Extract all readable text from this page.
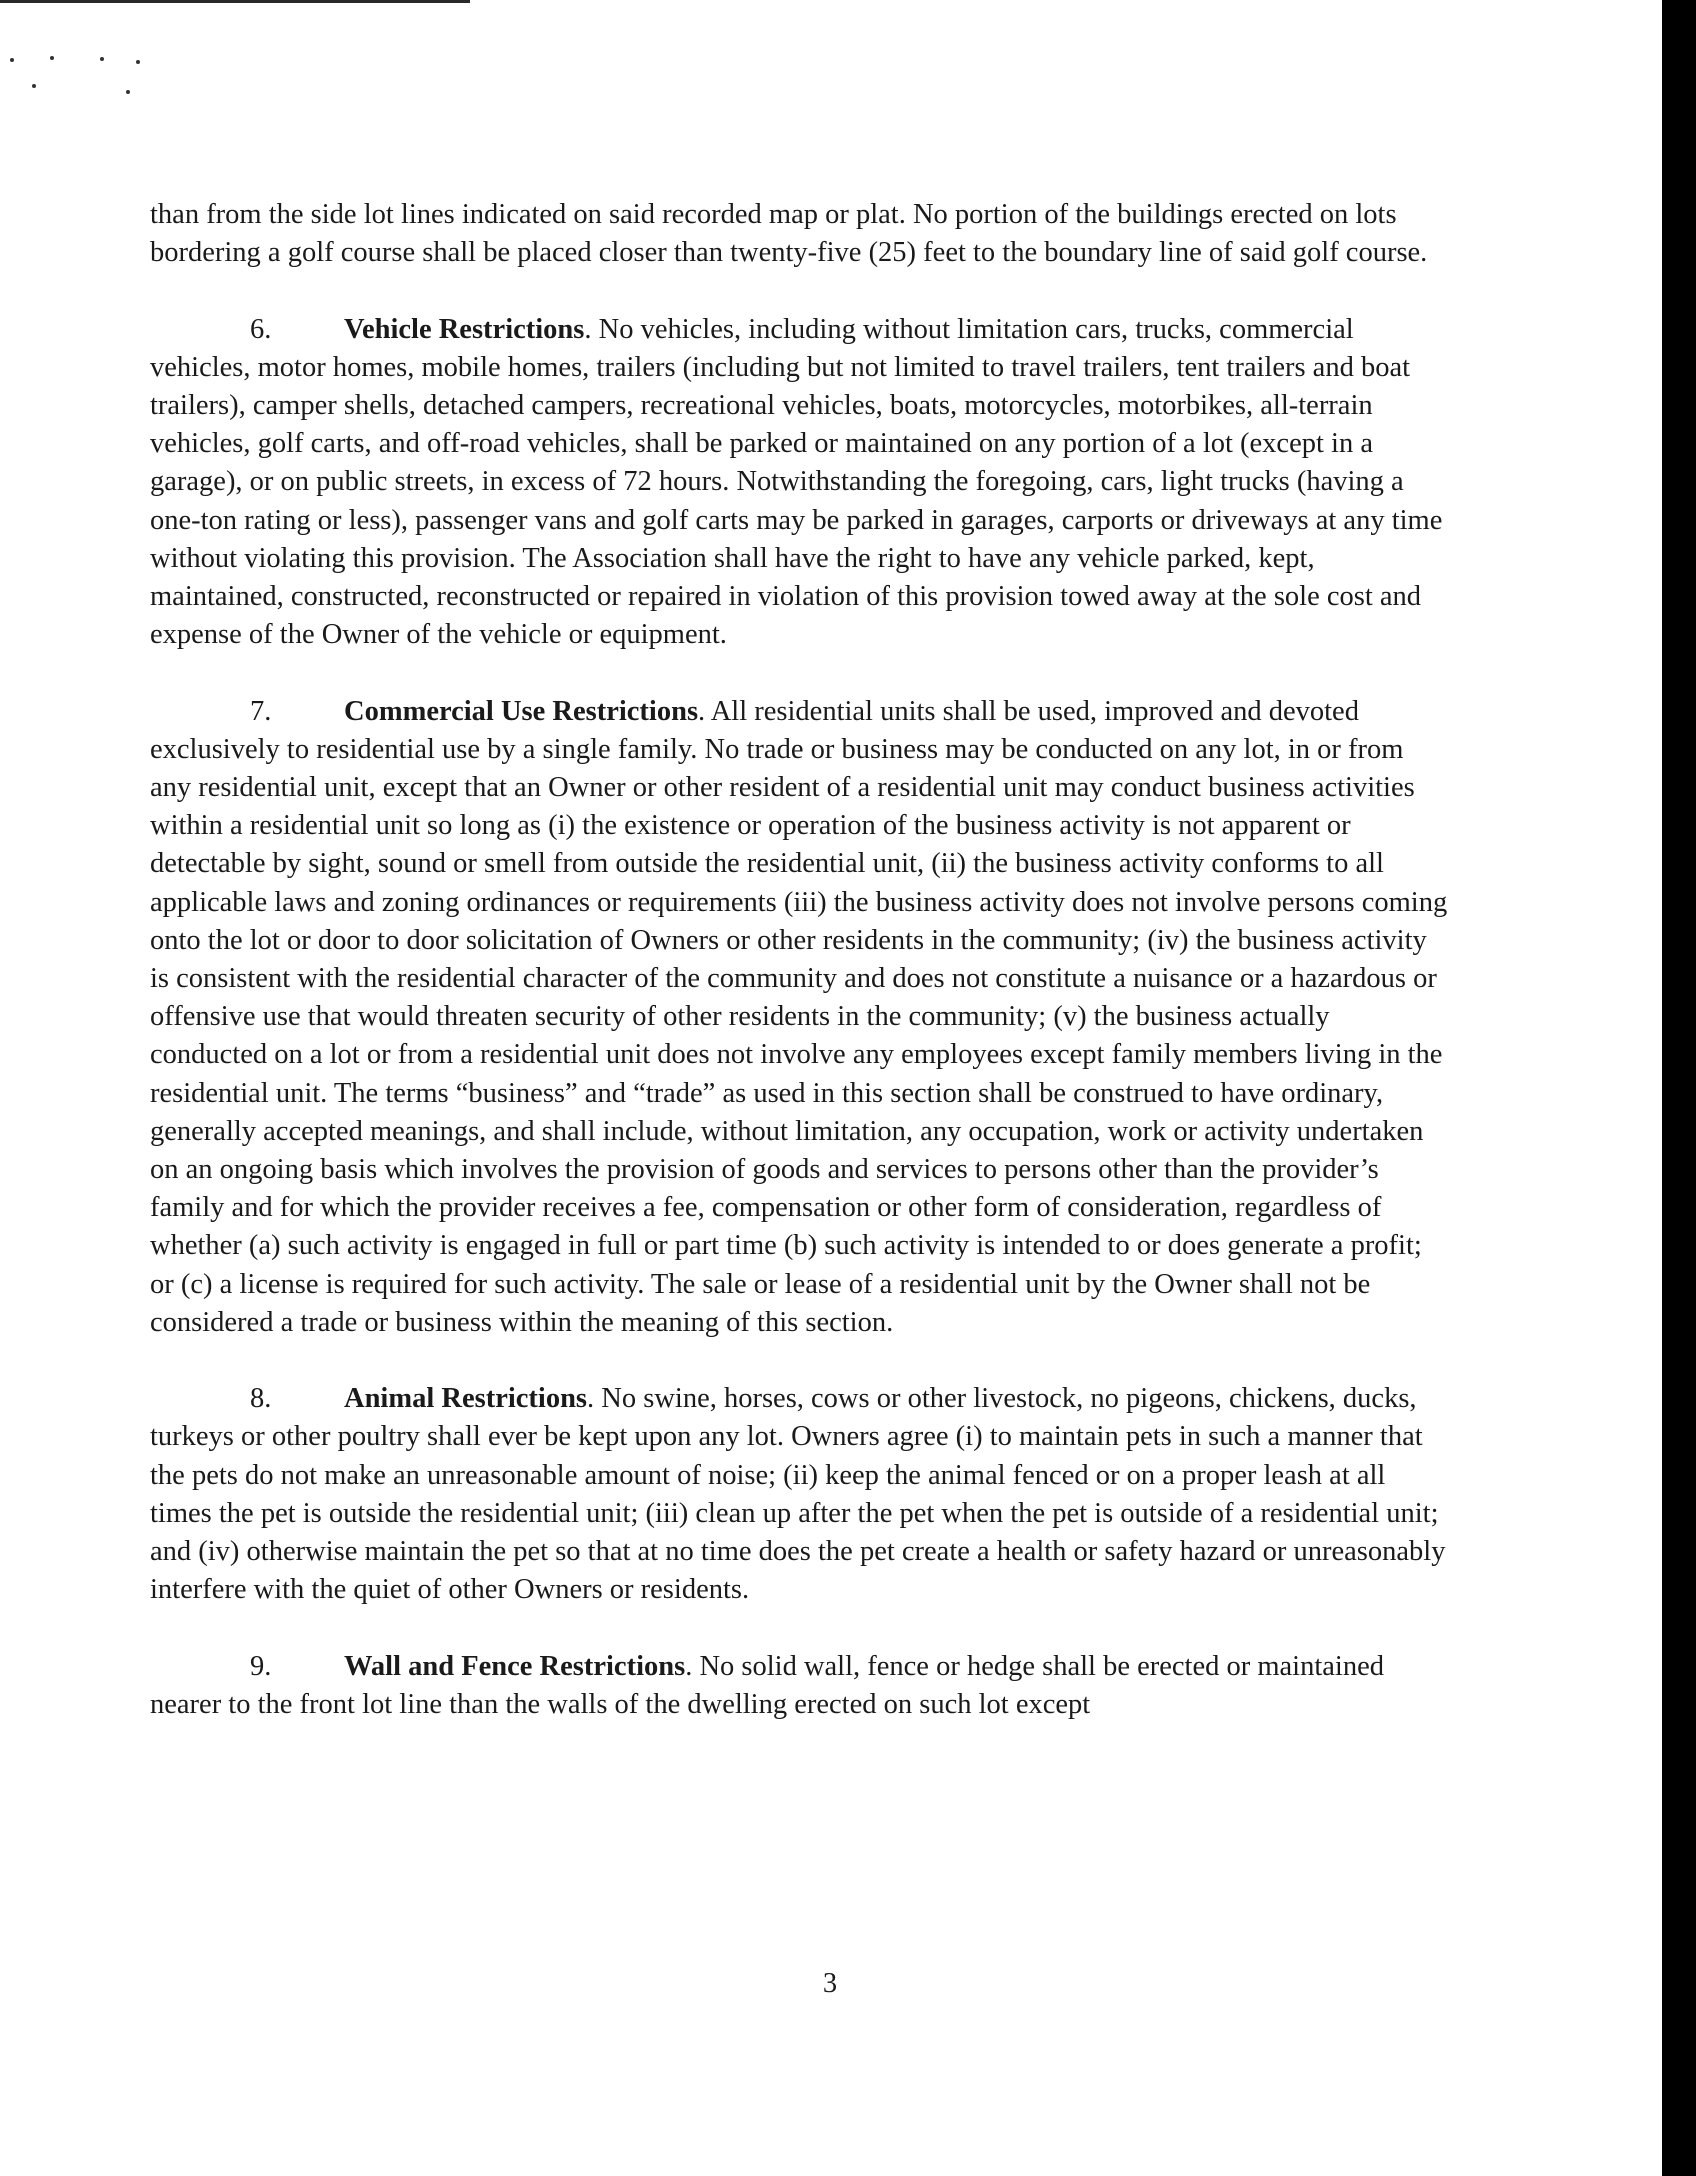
than from the side lot lines indicated on said recorded map or plat. No portion of the buildings erected on lots bordering a golf course shall be placed closer than twenty-five (25) feet to the boundary line of said golf course.

6.	Vehicle Restrictions. No vehicles, including without limitation cars, trucks, commercial vehicles, motor homes, mobile homes, trailers (including but not limited to travel trailers, tent trailers and boat trailers), camper shells, detached campers, recreational vehicles, boats, motorcycles, motorbikes, all-terrain vehicles, golf carts, and off-road vehicles, shall be parked or maintained on any portion of a lot (except in a garage), or on public streets, in excess of 72 hours. Notwithstanding the foregoing, cars, light trucks (having a one-ton rating or less), passenger vans and golf carts may be parked in garages, carports or driveways at any time without violating this provision. The Association shall have the right to have any vehicle parked, kept, maintained, constructed, reconstructed or repaired in violation of this provision towed away at the sole cost and expense of the Owner of the vehicle or equipment.

7.	Commercial Use Restrictions. All residential units shall be used, improved and devoted exclusively to residential use by a single family. No trade or business may be conducted on any lot, in or from any residential unit, except that an Owner or other resident of a residential unit may conduct business activities within a residential unit so long as (i) the existence or operation of the business activity is not apparent or detectable by sight, sound or smell from outside the residential unit, (ii) the business activity conforms to all applicable laws and zoning ordinances or requirements (iii) the business activity does not involve persons coming onto the lot or door to door solicitation of Owners or other residents in the community; (iv) the business activity is consistent with the residential character of the community and does not constitute a nuisance or a hazardous or offensive use that would threaten security of other residents in the community; (v) the business actually conducted on a lot or from a residential unit does not involve any employees except family members living in the residential unit. The terms “business” and “trade” as used in this section shall be construed to have ordinary, generally accepted meanings, and shall include, without limitation, any occupation, work or activity undertaken on an ongoing basis which involves the provision of goods and services to persons other than the provider’s family and for which the provider receives a fee, compensation or other form of consideration, regardless of whether (a) such activity is engaged in full or part time (b) such activity is intended to or does generate a profit; or (c) a license is required for such activity. The sale or lease of a residential unit by the Owner shall not be considered a trade or business within the meaning of this section.

8.	Animal Restrictions. No swine, horses, cows or other livestock, no pigeons, chickens, ducks, turkeys or other poultry shall ever be kept upon any lot. Owners agree (i) to maintain pets in such a manner that the pets do not make an unreasonable amount of noise; (ii) keep the animal fenced or on a proper leash at all times the pet is outside the residential unit; (iii) clean up after the pet when the pet is outside of a residential unit; and (iv) otherwise maintain the pet so that at no time does the pet create a health or safety hazard or unreasonably interfere with the quiet of other Owners or residents.

9.	Wall and Fence Restrictions. No solid wall, fence or hedge shall be erected or maintained nearer to the front lot line than the walls of the dwelling erected on such lot except

3
